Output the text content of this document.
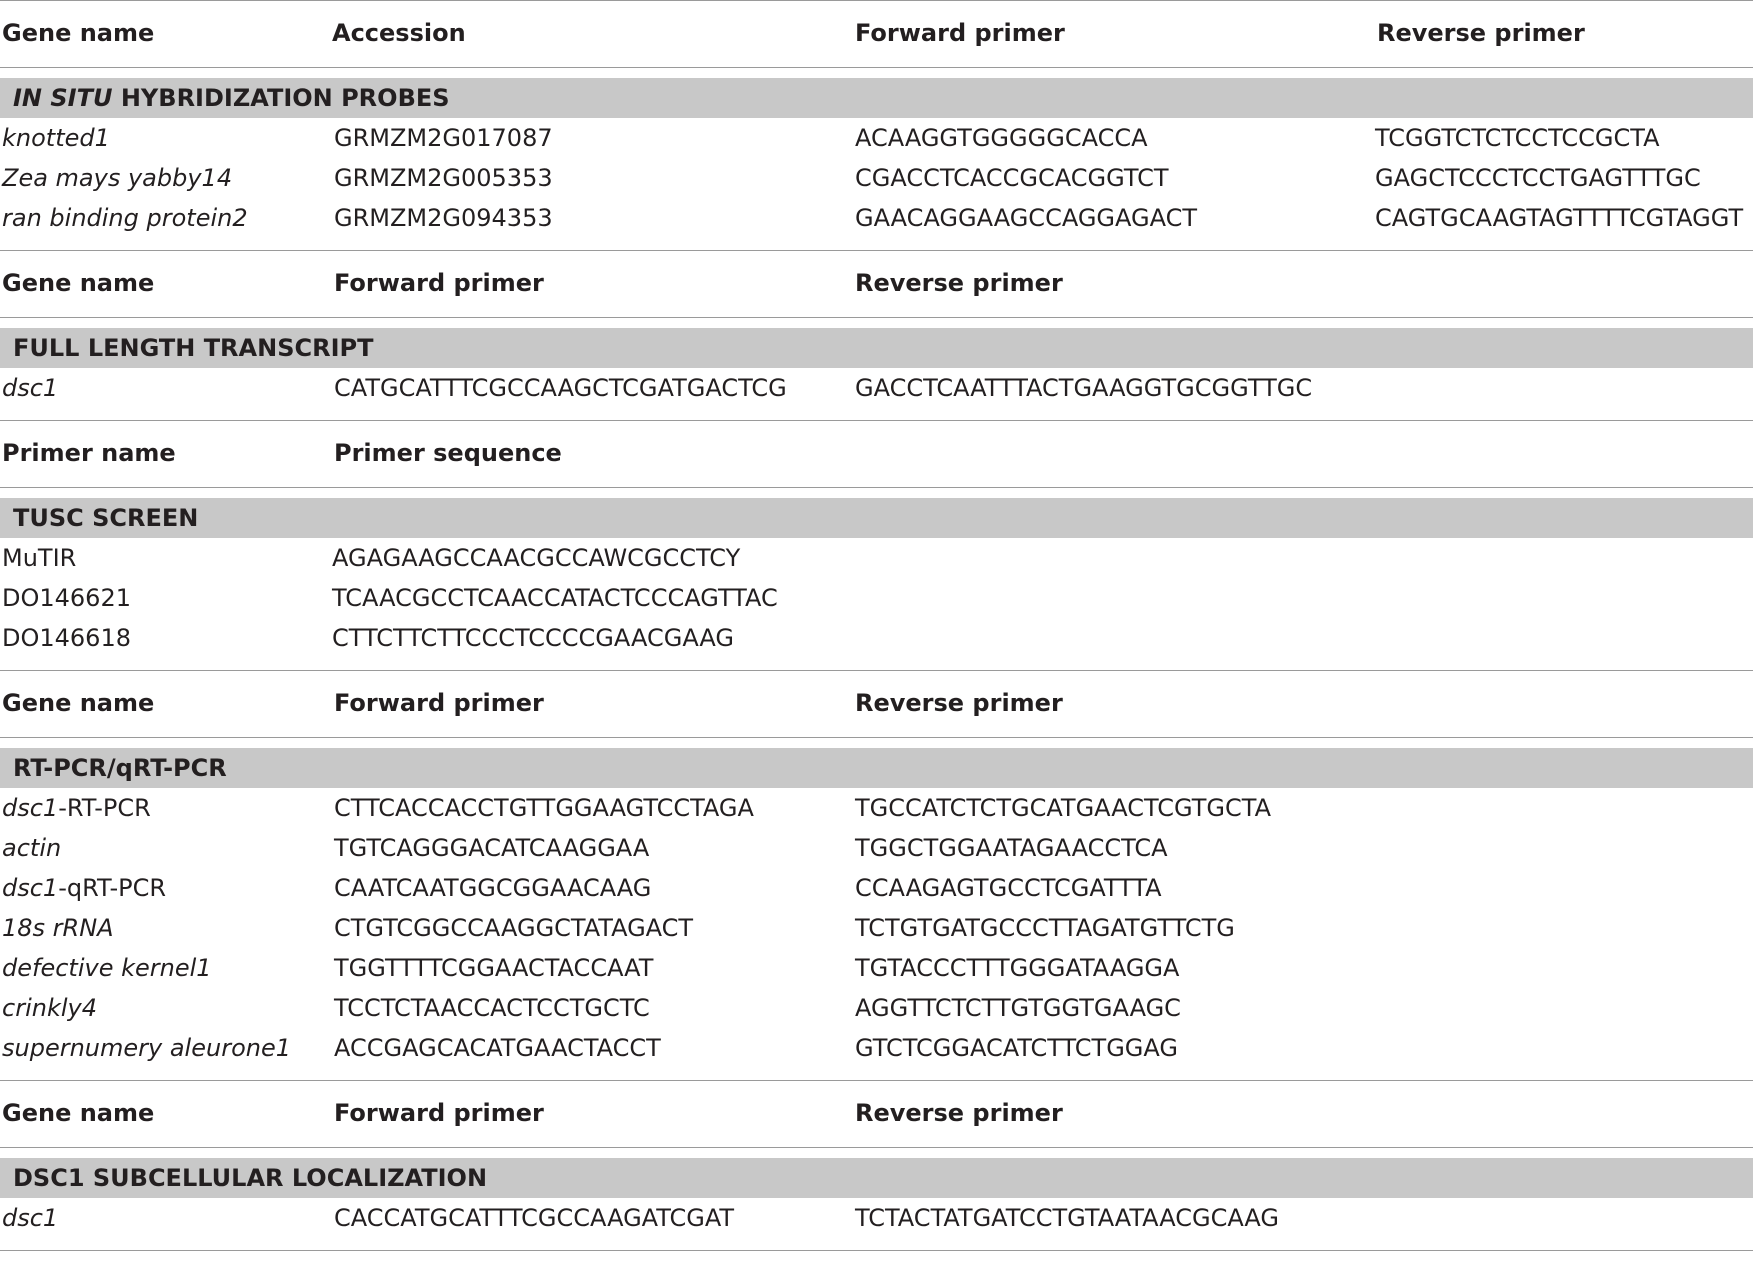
Gene name	Accession	Forward primer	Reverse primer
IN SITU HYBRIDIZATION PROBES
knotted1	GRMZM2G017087	ACAAGGTGGGGGCACCA	TCGGTCTCTCCTCCGCTA
Zea mays yabby14	GRMZM2G005353	CGACCTCACCGCACGGTCT	GAGCTCCCTCCTGAGTTTGC
ran binding protein2	GRMZM2G094353	GAACAGGAAGCCAGGAGACT	CAGTGCAAGTAGTTTTCGTAGGT
Gene name	Forward primer	Reverse primer
FULL LENGTH TRANSCRIPT
dsc1	CATGCATTTCGCCAAGCTCGATGACTCG	GACCTCAATTTACTGAAGGTGCGGTTGC
Primer name	Primer sequence
TUSC SCREEN
MuTIR	AGAGAAGCCAACGCCAWCGCCTCY
DO146621	TCAACGCCTCAACCATACTCCCAGTTAC
DO146618	CTTCTTCTTCCCTCCCCGAACGAAG
Gene name	Forward primer	Reverse primer
RT-PCR/qRT-PCR
dsc1-RT-PCR	CTTCACCACCTGTTGGAAGTCCTAGA	TGCCATCTCTGCATGAACTCGTGCTA
actin	TGTCAGGGACATCAAGGAA	TGGCTGGAATAGAACCTCA
dsc1-qRT-PCR	CAATCAATGGCGGAACAAG	CCAAGAGTGCCTCGATTTA
18s rRNA	CTGTCGGCCAAGGCTATAGACT	TCTGTGATGCCCTTAGATGTTCTG
defective kernel1	TGGTTTTCGGAACTACCAAT	TGTACCCTTTGGGATAAGGA
crinkly4	TCCTCTAACCACTCCTGCTC	AGGTTCTCTTGTGGTGAAGC
supernumery aleurone1 ACCGAGCACATGAACTACCT	GTCTCGGACATCTTCTGGAG
Gene name	Forward primer	Reverse primer
DSC1 SUBCELLULAR LOCALIZATION
dsc1	CACCATGCATTTCGCCAAGATCGAT	TCTACTATGATCCTGTAATAACGCAAG
